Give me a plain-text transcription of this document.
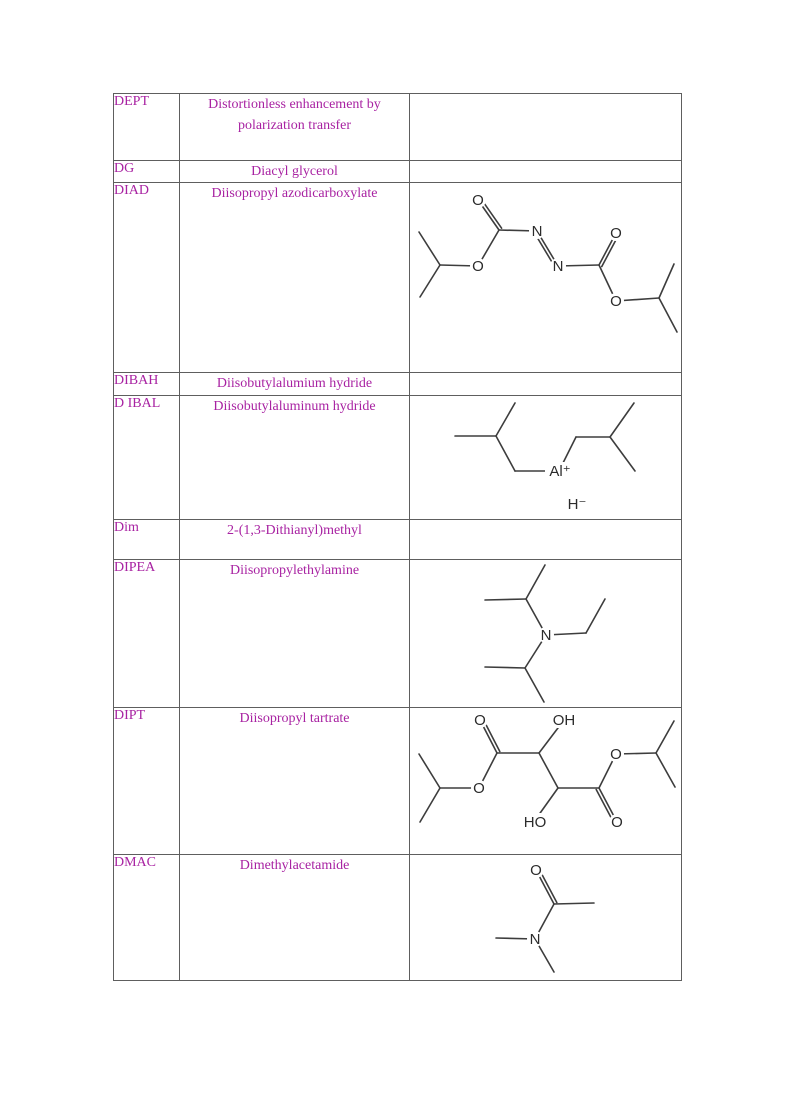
DEPT	Distortionless enhancement by polarization transfer	
DG	Diacyl glycerol	
DIAD	Diisopropyl azodicarboxylate	O
N
N
O
O
O

DIBAH	Diisobutylalumium hydride	
D IBAL	Diisobutylaluminum hydride	Al⁺
H⁻

Dim	2-(1,3-Dithianyl)methyl	
DIPEA	Diisopropylethylamine	N

DIPT	Diisopropyl tartrate	O	OH
O
O
HO	O

DMAC	Dimethylacetamide	O
N
